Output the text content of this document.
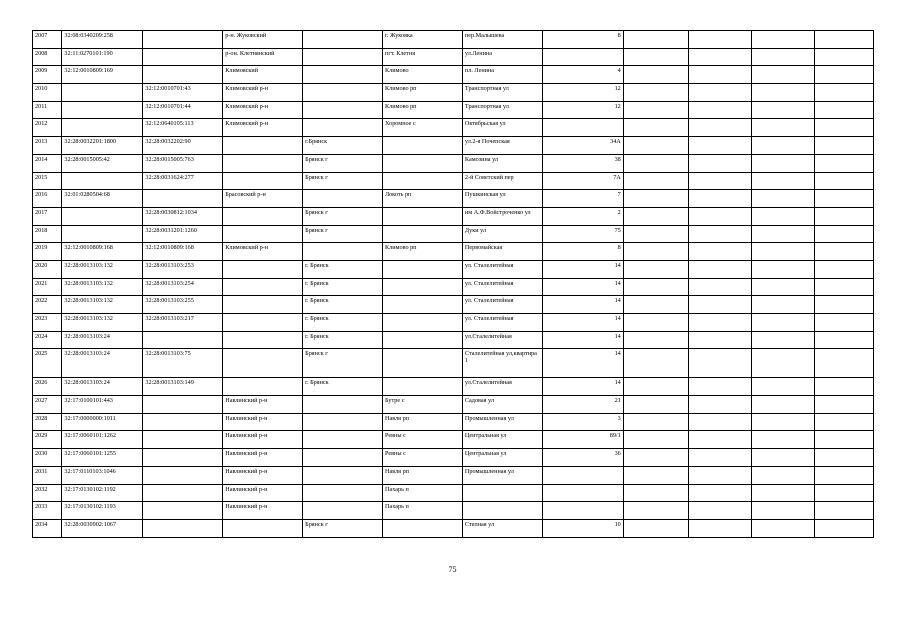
2007	32:08:0340209:258		р-н. Жуковский		г. Жуковка	пер.Малышева	8				
2008	32:11:0270101:190		р-он. Клетнянский		пгт. Клетня	ул.Ленина					
2009	32:12:0010809:169		Климовский		Климово	пл. Ленина	4				
2010		32:12:0010701:43	Климовский р-н		Климово рп	Транспортная ул	12				
2011		32:12:0010701:44	Климовский р-н		Климово рп	Транспортная ул	12				
2012		32:12:0640105:113	Климовский р-н		Хоромное с	Октябрьская ул					
2013	32:28:0032201:1800	32:28:0032202:90		г.Брянск		ул.2-я Почепская	34А				
2014	32:28:0015005:42	32:28:0015005:763		Брянск г		Камозина ул	38				
2015		32:28:0031624:277		Брянск г		2-й Советский пер	7А				
2016	32:01:0280504:68		Брасовский р-н		Локоть рп	Пушкинская ул	7				
2017		32:28:0030812:1034		Брянск г		им А.Ф.Войстроченко ул	2				
2018		32:28:0031201:1260		Брянск г		Дуки ул	75				
2019	32:12:0010809:168	32:12:0010809:168	Климовский р-н		Климово рп	Первомайская	8				
2020	32:28:0013103:132	32:28:0013103:253		г. Брянск		ул. Сталелитейная	14				
2021	32:28:0013103:132	32:28:0013103:254		г. Брянск		ул. Сталелитейная	14				
2022	32:28:0013103:132	32:28:0013103:255		г. Брянск		ул. Сталелитейная	14				
2023	32:28:0013103:132	32:28:0013103:217		г. Брянск		ул. Сталелитейная	14				
2024	32:28:0013103:24			г. Брянск		ул.Сталелитейная	14				
2025	32:28:0013103:24	32:28:0013103:75		Брянск г		Сталелитейная ул,квартира 1	14				
2026	32:28:0013103:24	32:28:0013103:149		г. Брянск		ул.Сталелитейная	14				
2027	32:17:0100101:443		Навлинский р-н		Бутре с	Садовая ул	21				
2028	32:17:0000000:1011		Навлинский р-н		Навля рп	Промышленная ул	3				
2029	32:17:0060101:1262		Навлинский р-н		Ревны с	Центральная ул	89/1				
2030	32:17:0060101:1255		Навлинский р-н		Ревны с	Центральная ул	36				
2031	32:17:0110103:1046		Навлинский р-н		Навля рп	Промышленная ул					
2032	32:17:0130102:1192		Навлинский р-н		Пахарь п						
2033	32:17:0130102:1193		Навлинский р-н		Пахарь п						
2034	32:28:0030902:1067			Брянск г		Степная ул	10				
75
